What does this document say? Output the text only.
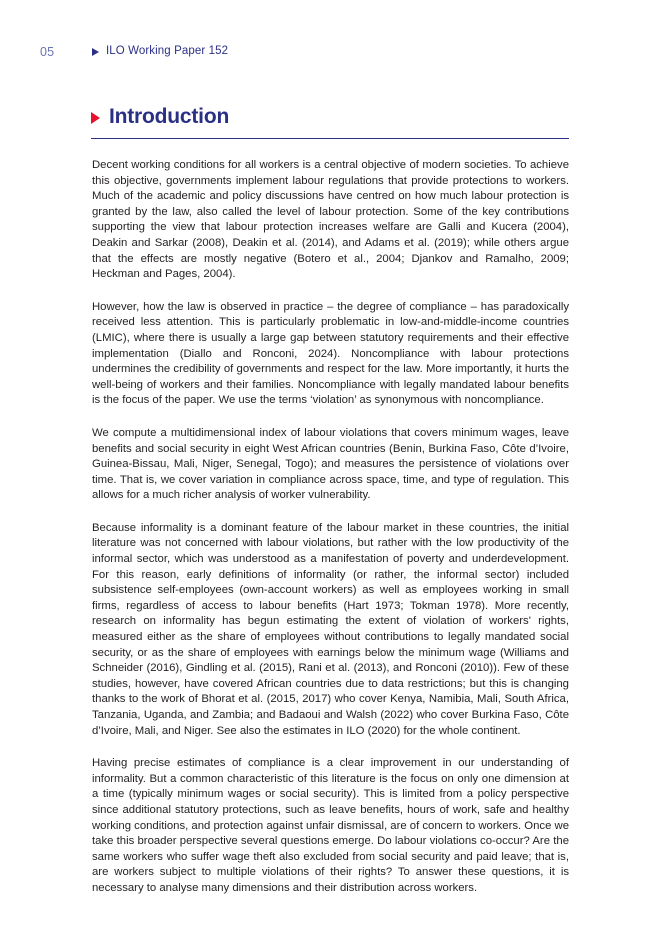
05	ILO Working Paper 152
Introduction

Decent working conditions for all workers is a central objective of modern societies. To achieve this objective, governments implement labour regulations that provide protections to workers. Much of the academic and policy discussions have centred on how much labour protection is granted by the law, also called the level of labour protection. Some of the key contributions supporting the view that labour protection increases welfare are Galli and Kucera (2004), Deakin and Sarkar (2008), Deakin et al. (2014), and Adams et al. (2019); while others argue that the effects are mostly negative (Botero et al., 2004; Djankov and Ramalho, 2009; Heckman and Pages, 2004).

However, how the law is observed in practice – the degree of compliance – has paradoxically received less attention. This is particularly problematic in low-and-middle-income countries (LMIC), where there is usually a large gap between statutory requirements and their effective implementation (Diallo and Ronconi, 2024). Noncompliance with labour protections undermines the credibility of governments and respect for the law. More importantly, it hurts the well-being of workers and their families. Noncompliance with legally mandated labour benefits is the focus of the paper. We use the terms ‘violation’ as synonymous with noncompliance.

We compute a multidimensional index of labour violations that covers minimum wages, leave benefits and social security in eight West African countries (Benin, Burkina Faso, Côte d’Ivoire, Guinea-Bissau, Mali, Niger, Senegal, Togo); and measures the persistence of violations over time. That is, we cover variation in compliance across space, time, and type of regulation. This allows for a much richer analysis of worker vulnerability.

Because informality is a dominant feature of the labour market in these countries, the initial literature was not concerned with labour violations, but rather with the low productivity of the informal sector, which was understood as a manifestation of poverty and underdevelopment. For this reason, early definitions of informality (or rather, the informal sector) included subsistence self-employees (own-account workers) as well as employees working in small firms, regardless of access to labour benefits (Hart 1973; Tokman 1978). More recently, research on informality has begun estimating the extent of violation of workers' rights, measured either as the share of employees without contributions to legally mandated social security, or as the share of employees with earnings below the minimum wage (Williams and Schneider (2016), Gindling et al. (2015), Rani et al. (2013), and Ronconi (2010)). Few of these studies, however, have covered African countries due to data restrictions; but this is changing thanks to the work of Bhorat et al. (2015, 2017) who cover Kenya, Namibia, Mali, South Africa, Tanzania, Uganda, and Zambia; and Badaoui and Walsh (2022) who cover Burkina Faso, Côte d’Ivoire, Mali, and Niger. See also the estimates in ILO (2020) for the whole continent.

Having precise estimates of compliance is a clear improvement in our understanding of informality. But a common characteristic of this literature is the focus on only one dimension at a time (typically minimum wages or social security). This is limited from a policy perspective since additional statutory protections, such as leave benefits, hours of work, safe and healthy working conditions, and protection against unfair dismissal, are of concern to workers. Once we take this broader perspective several questions emerge. Do labour violations co-occur? Are the same workers who suffer wage theft also excluded from social security and paid leave; that is, are workers subject to multiple violations of their rights? To answer these questions, it is necessary to analyse many dimensions and their distribution across workers.
